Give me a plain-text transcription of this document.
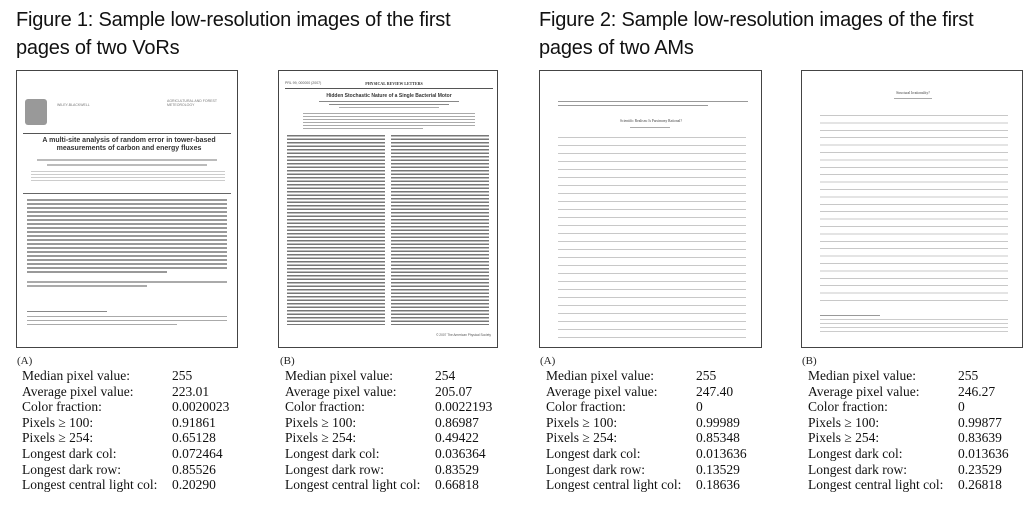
Figure 1: Sample low-resolution images of the first pages of two VoRs
Figure 2: Sample low-resolution images of the first pages of two AMs
WILEY-BLACKWELL
AGRICULTURAL AND FOREST METEOROLOGY
A multi-site analysis of random error in tower-based measurements of carbon and energy fluxes
PRL 99, 000000 (2007)	PHYSICAL REVIEW LETTERS
Hidden Stochastic Nature of a Single Bacterial Motor
© 2007 The American Physical Society
Scientific Realism: Is Parsimony Rational?
Structural Irrationality?
(A)	(B)	(A)	(B)
Median pixel value:	255
Average pixel value:	223.01
Color fraction:	0.0020023
Pixels ≥ 100:	0.91861
Pixels ≥ 254:	0.65128
Longest dark col:	0.072464
Longest dark row:	0.85526
Longest central light col:	0.20290
Median pixel value:	254
Average pixel value:	205.07
Color fraction:	0.0022193
Pixels ≥ 100:	0.86987
Pixels ≥ 254:	0.49422
Longest dark col:	0.036364
Longest dark row:	0.83529
Longest central light col:	0.66818
Median pixel value:	255
Average pixel value:	247.40
Color fraction:	0
Pixels ≥ 100:	0.99989
Pixels ≥ 254:	0.85348
Longest dark col:	0.013636
Longest dark row:	0.13529
Longest central light col:	0.18636
Median pixel value:	255
Average pixel value:	246.27
Color fraction:	0
Pixels ≥ 100:	0.99877
Pixels ≥ 254:	0.83639
Longest dark col:	0.013636
Longest dark row:	0.23529
Longest central light col:	0.26818
